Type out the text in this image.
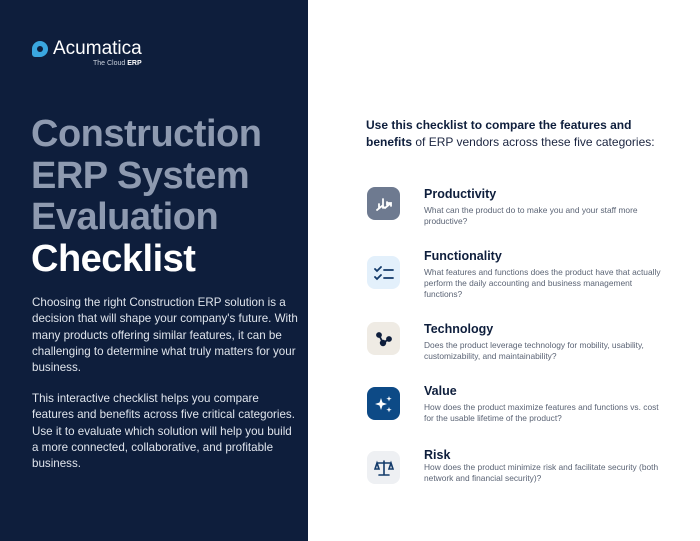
Acumatica
The Cloud ERP
Construction
ERP System
Evaluation
Checklist

Choosing the right Construction ERP solution is a decision that will shape your company's future. With many products offering similar features, it can be challenging to determine what truly matters for your business.

This interactive checklist helps you compare features and benefits across five critical categories. Use it to evaluate which solution will help you build a more connected, collaborative, and profitable business.

Use this checklist to compare the features and benefits of ERP vendors across these five categories:
Productivity
What can the product do to make you and your staff more productive?
Functionality
What features and functions does the product have that actually perform the daily accounting and business management functions?
Technology
Does the product leverage technology for mobility, usability, customizability, and maintainability?
Value
How does the product maximize features and functions vs. cost for the usable lifetime of the product?
Risk
How does the product minimize risk and facilitate security (both network and financial security)?
